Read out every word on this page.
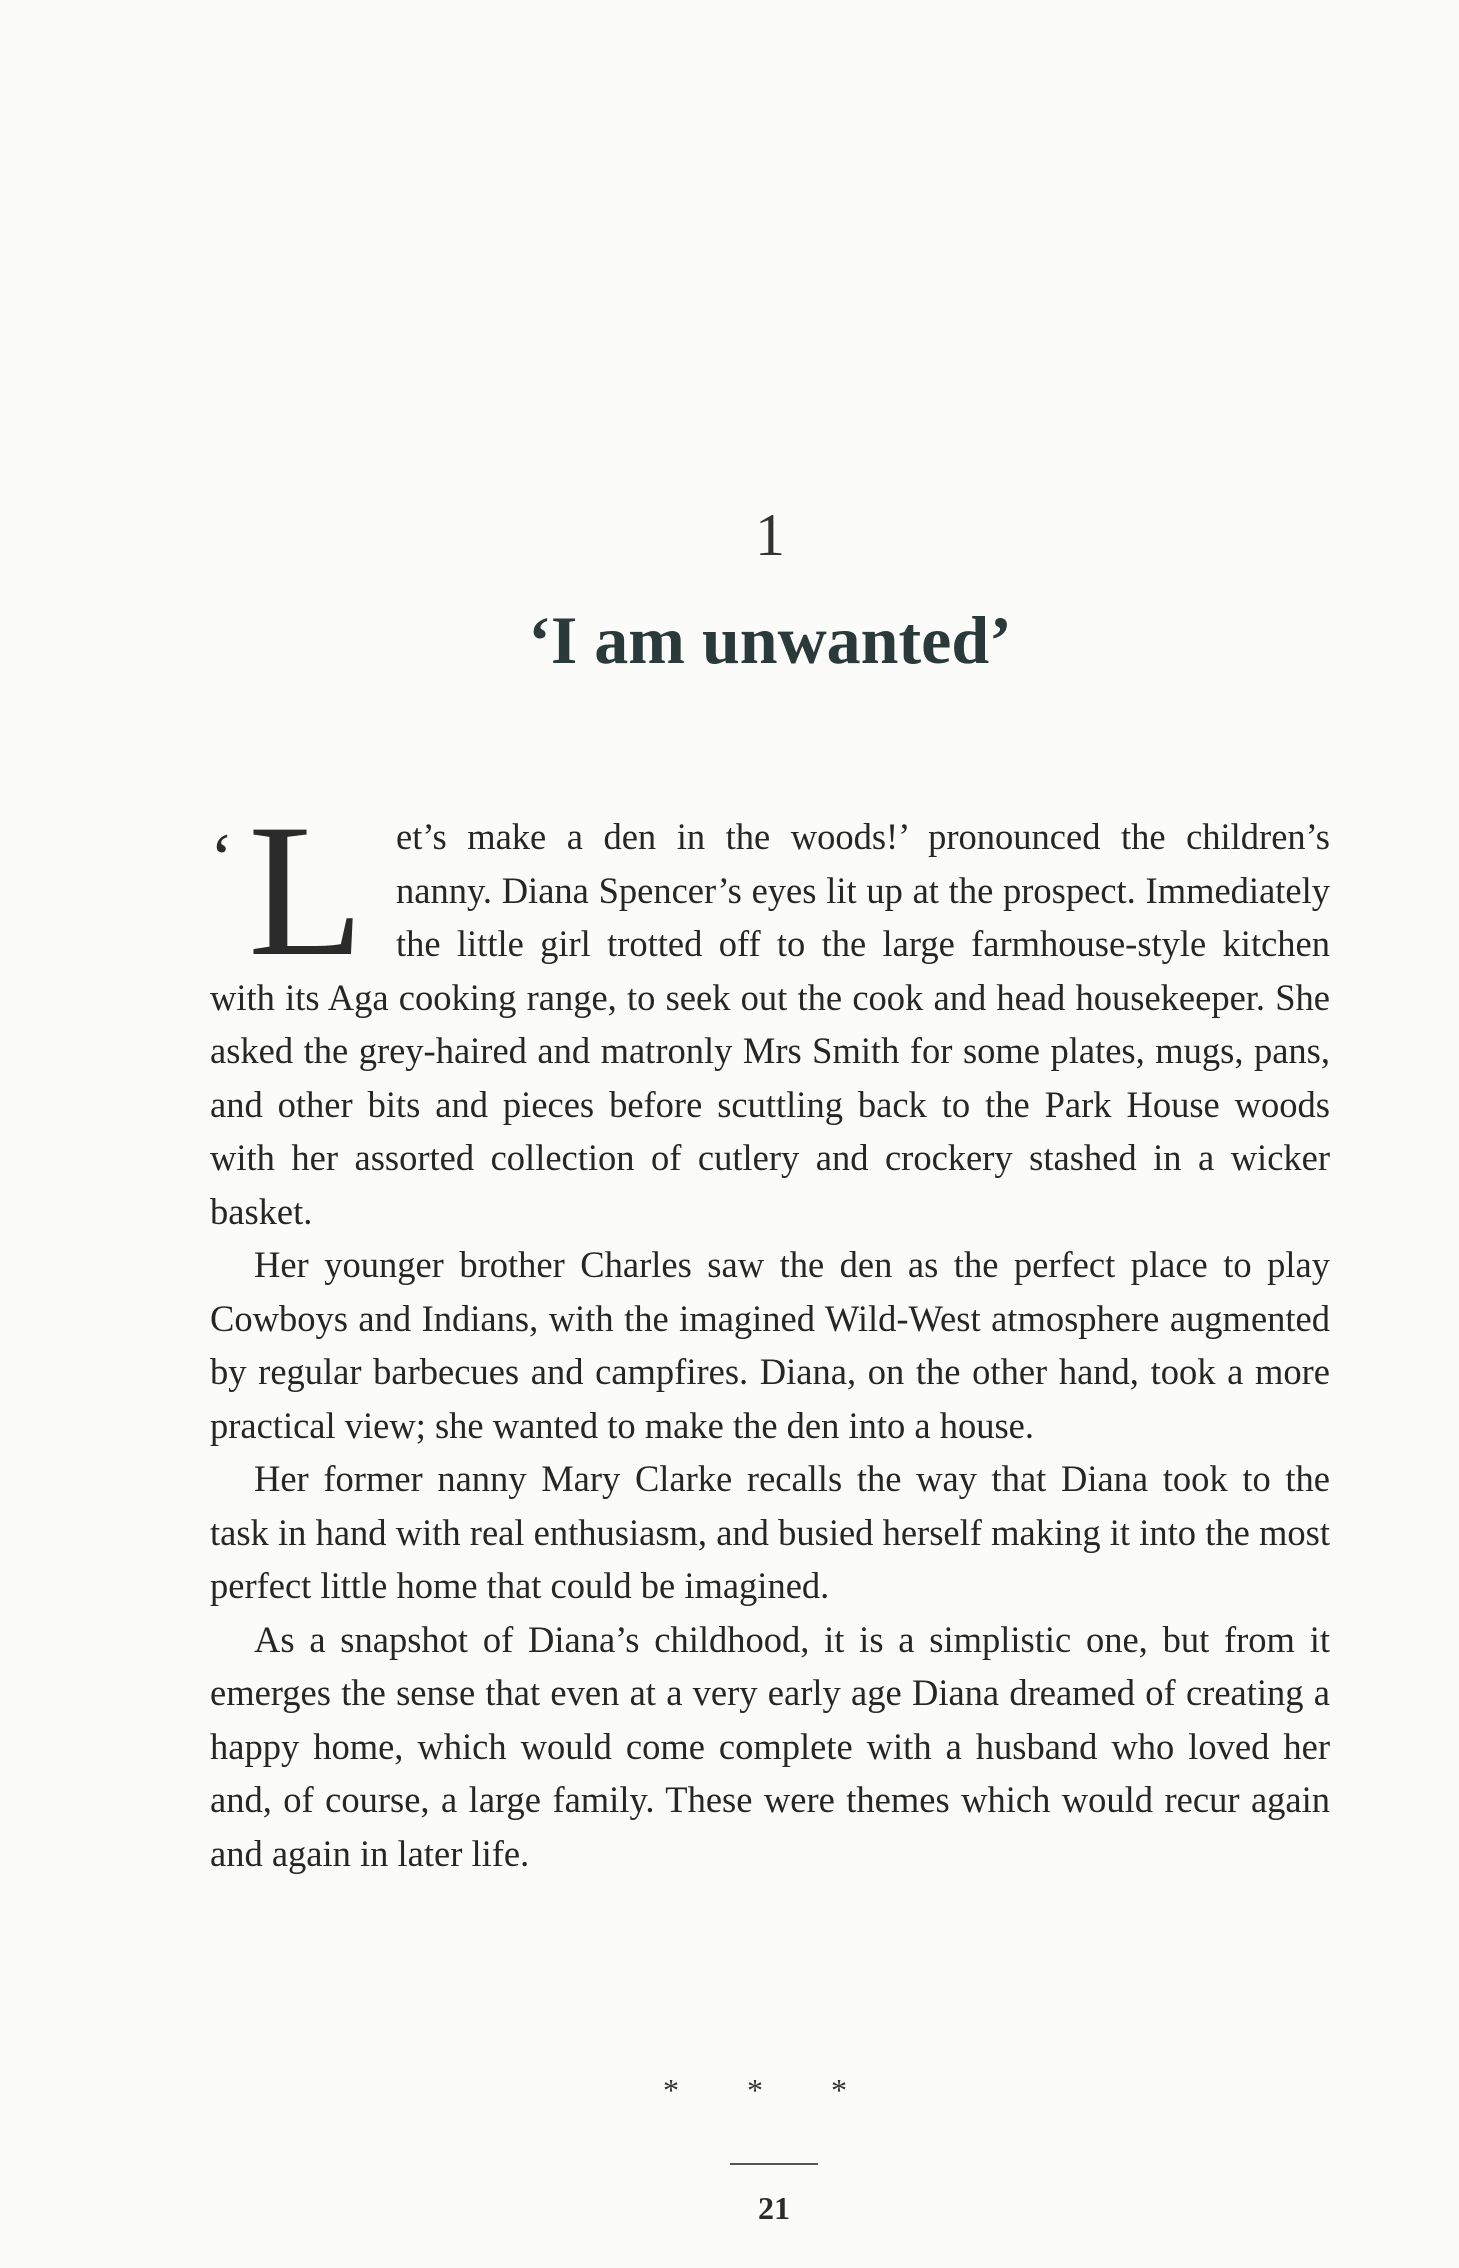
1
‘I am unwanted’

‘ L et’s make a den in the woods!’ pronounced the children’s nanny. Diana Spencer’s eyes lit up at the prospect. Immediately the little girl trotted off to the large farmhouse-style kitchen with its Aga cooking range, to seek out the cook and head housekeeper. She asked the grey-haired and matronly Mrs Smith for some plates, mugs, pans, and other bits and pieces before scuttling back to the Park House woods with her assorted collection of cutlery and crockery stashed in a wicker basket.

Her younger brother Charles saw the den as the perfect place to play Cowboys and Indians, with the imagined Wild-West atmosphere augmented by regular barbecues and campfires. Diana, on the other hand, took a more practical view; she wanted to make the den into a house.

Her former nanny Mary Clarke recalls the way that Diana took to the task in hand with real enthusiasm, and busied herself making it into the most perfect little home that could be imagined.

As a snapshot of Diana’s childhood, it is a simplistic one, but from it emerges the sense that even at a very early age Diana dreamed of creating a happy home, which would come complete with a husband who loved her and, of course, a large family. These were themes which would recur again and again in later life.

* * *
21
